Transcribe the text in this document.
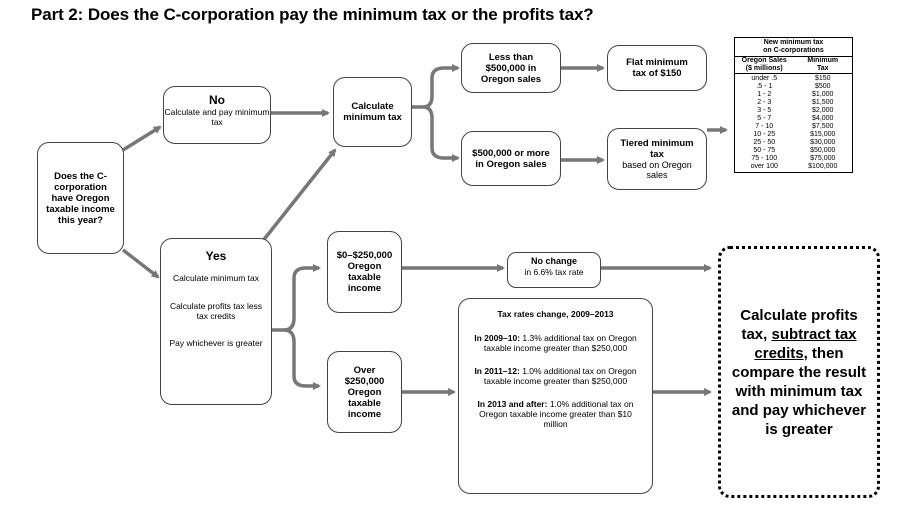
Part 2: Does the C-corporation pay the minimum tax or the profits tax?
Does the C-corporation have Oregon taxable income this year?
No
Calculate and pay minimum tax
Calculate minimum tax
Less than $500,000 in Oregon sales
$500,000 or more in Oregon sales
Flat minimum tax of $150
Tiered minimum tax
based on Oregon sales
New minimum tax
on C-corporations
Oregon Sales
($ millions)
Minimum
Tax
under .5	$150
.5 - 1	$500
1 - 2	$1,000
2 - 3	$1,500
3 - 5	$2,000
5 - 7	$4,000
7 - 10	$7,500
10 - 25	$15,000
25 - 50	$30,000
50 - 75	$50,000
75 - 100	$75,000
over 100	$100,000
Yes
Calculate minimum tax
Calculate profits tax less tax credits
Pay whichever is greater
$0–$250,000 Oregon taxable income
Over $250,000 Oregon taxable income
No change
in 6.6% tax rate
Tax rates change, 2009–2013
In 2009–10: 1.3% additional tax on Oregon taxable income greater than $250,000
In 2011–12: 1.0% additional tax on Oregon taxable income greater than $250,000
In 2013 and after: 1.0% additional tax on Oregon taxable income greater than $10 million
Calculate profits tax, subtract tax credits, then compare the result with minimum tax and pay whichever is greater
